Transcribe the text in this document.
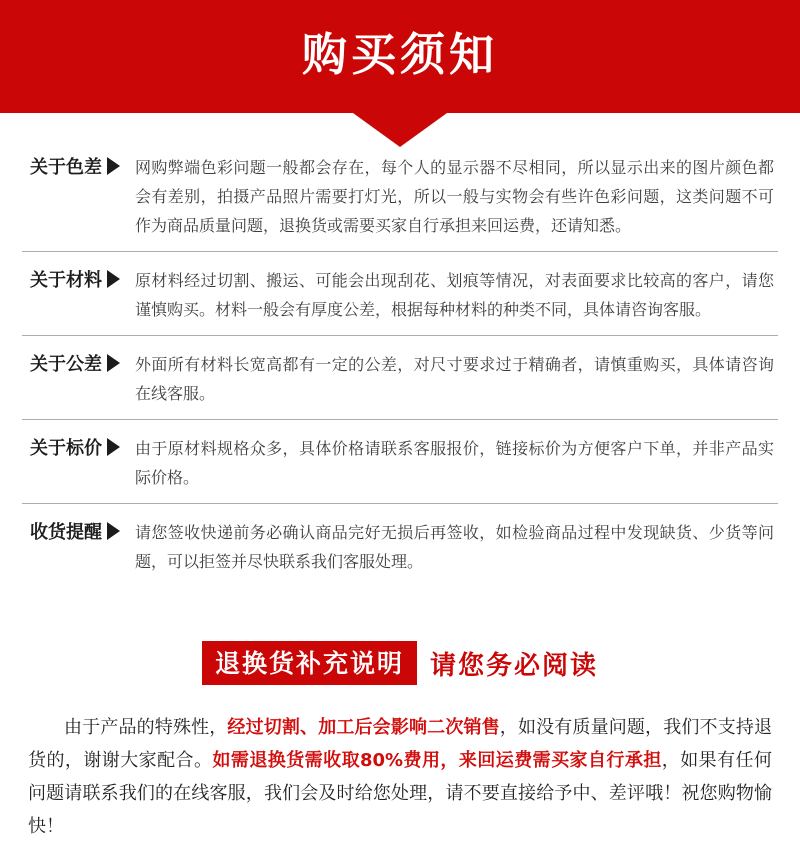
购买须知
关于色差 网购弊端色彩问题一般都会存在，每个人的显示器不尽相同，所以显示出来的图片颜色都会有差别，拍摄产品照片需要打灯光，所以一般与实物会有些许色彩问题，这类问题不可作为商品质量问题，退换货或需要买家自行承担来回运费，还请知悉。
关于材料 原材料经过切割、搬运、可能会出现刮花、划痕等情况，对表面要求比较高的客户，请您谨慎购买。材料一般会有厚度公差，根据每种材料的种类不同，具体请咨询客服。
关于公差 外面所有材料长宽高都有一定的公差，对尺寸要求过于精确者，请慎重购买，具体请咨询在线客服。
关于标价 由于原材料规格众多，具体价格请联系客服报价，链接标价为方便客户下单，并非产品实际价格。
收货提醒 请您签收快递前务必确认商品完好无损后再签收，如检验商品过程中发现缺货、少货等问题，可以拒签并尽快联系我们客服处理。
退换货补充说明	请您务必阅读
由于产品的特殊性，经过切割、加工后会影响二次销售，如没有质量问题，我们不支持退货的，谢谢大家配合。如需退换货需收取80%费用，来回运费需买家自行承担，如果有任何问题请联系我们的在线客服，我们会及时给您处理，请不要直接给予中、差评哦！祝您购物愉快！
